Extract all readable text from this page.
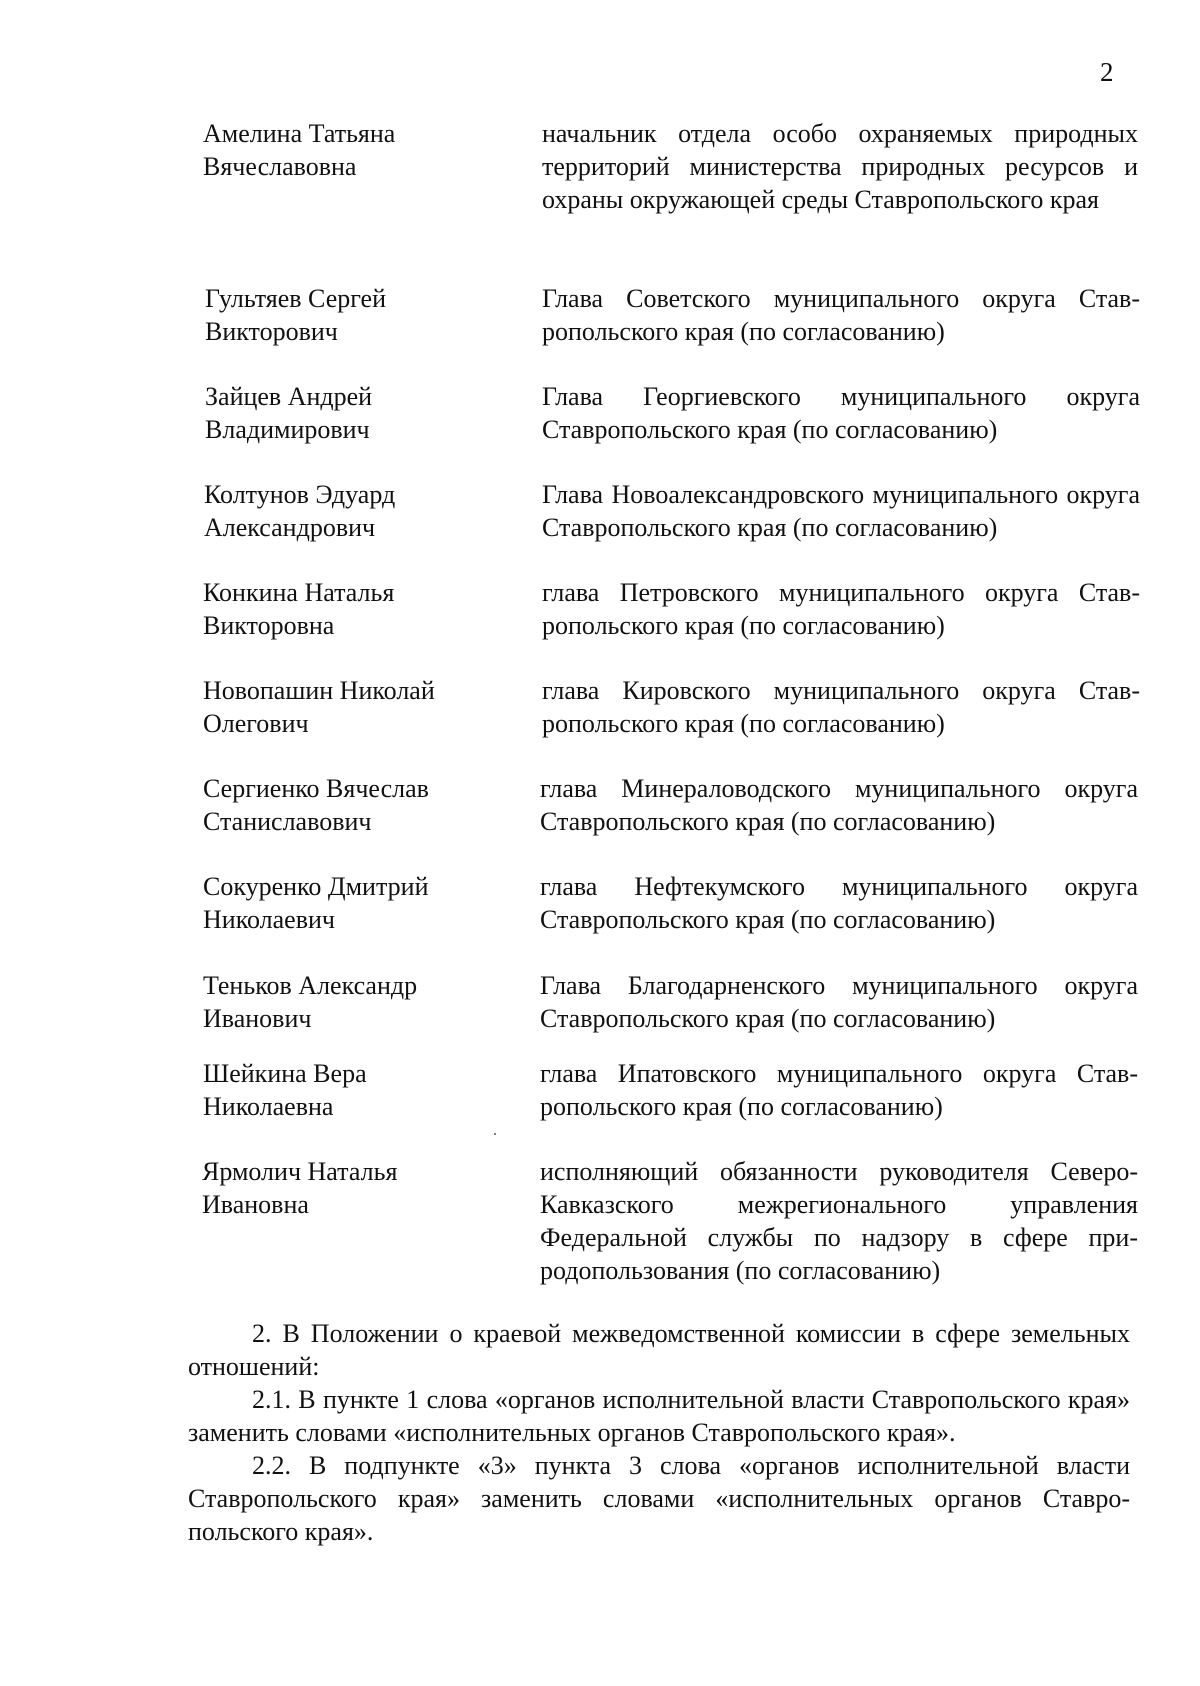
2
Амелина Татьяна
Вячеславовна
начальник отдела особо охраняемых природных территорий министерства природных ресурсов и охраны окружающей среды Ставропольского края
Гультяев Сергей
Викторович
Глава Советского муниципального округа Ставропольского края (по согласованию)
Зайцев Андрей
Владимирович
Глава Георгиевского муниципального округа Ставропольского края (по согласованию)
Колтунов Эдуард
Александрович
Глава Новоалександровского муниципального округа Ставропольского края (по согласованию)
Конкина Наталья
Викторовна
глава Петровского муниципального округа Ставропольского края (по согласованию)
Новопашин Николай
Олегович
глава Кировского муниципального округа Ставропольского края (по согласованию)
Сергиенко Вячеслав
Станиславович
глава Минераловодского муниципального округа Ставропольского края (по согласованию)
Сокуренко Дмитрий
Николаевич
глава Нефтекумского муниципального округа Ставропольского края (по согласованию)
Теньков Александр
Иванович
Глава Благодарненского муниципального округа Ставропольского края (по согласованию)
Шейкина Вера
Николаевна
глава Ипатовского муниципального округа Ставропольского края (по согласованию)
Ярмолич Наталья
Ивановна
исполняющий обязанности руководителя Северо-Кавказского межрегионального управления Федеральной службы по надзору в сфере природопользования (по согласованию)

2. В Положении о краевой межведомственной комиссии в сфере земельных отношений:

2.1. В пункте 1 слова «органов исполнительной власти Ставропольского края» заменить словами «исполнительных органов Ставропольского края».

2.2. В подпункте «3» пункта 3 слова «органов исполнительной власти Ставропольского края» заменить словами «исполнительных органов Ставропольского края».
